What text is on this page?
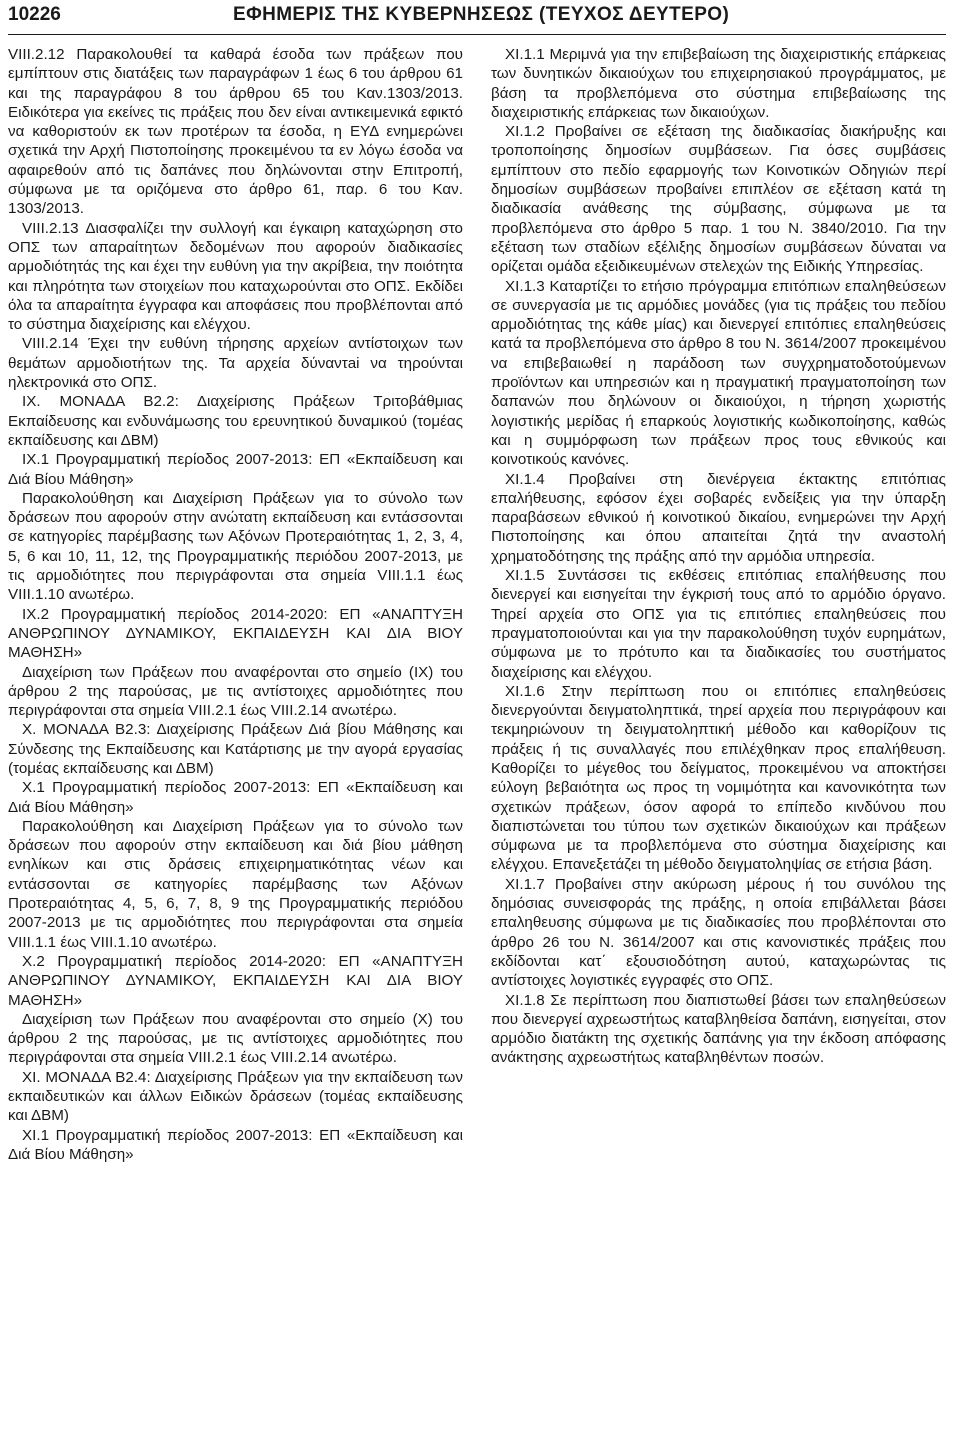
10226	ΕΦΗΜΕΡΙΣ ΤΗΣ ΚΥΒΕΡΝΗΣΕΩΣ (ΤΕΥΧΟΣ ΔΕΥΤΕΡΟ)

VIII.2.12 Παρακολουθεί τα καθαρά έσοδα των πράξεων που εμπίπτουν στις διατάξεις των παραγράφων 1 έως 6 του άρθρου 61 και της παραγράφου 8 του άρθρου 65 του Καν.1303/2013. Ειδικότερα για εκείνες τις πράξεις που δεν είναι αντικειμενικά εφικτό να καθοριστούν εκ των προτέρων τα έσοδα, η ΕΥΔ ενημερώνει σχετικά την Αρχή Πιστοποίησης προκειμένου τα εν λόγω έσοδα να αφαιρεθούν από τις δαπάνες που δηλώνονται στην Επιτροπή, σύμφωνα με τα οριζόμενα στο άρθρο 61, παρ. 6 του Καν. 1303/2013.

VIII.2.13 Διασφαλίζει την συλλογή και έγκαιρη καταχώρηση στο ΟΠΣ των απαραίτητων δεδομένων που αφορούν διαδικασίες αρμοδιότητάς της και έχει την ευθύνη για την ακρίβεια, την ποιότητα και πληρότητα των στοιχείων που καταχωρούνται στο ΟΠΣ. Εκδίδει όλα τα απαραίτητα έγγραφα και αποφάσεις που προβλέπονται από το σύστημα διαχείρισης και ελέγχου.

VIII.2.14 Έχει την ευθύνη τήρησης αρχείων αντίστοιχων των θεμάτων αρμοδιοτήτων της. Τα αρχεία δύναντai να τηρούνται ηλεκτρονικά στο ΟΠΣ.

IX. ΜΟΝΑΔΑ Β2.2: Διαχείρισης Πράξεων Τριτοβάθμιας Εκπαίδευσης και ενδυνάμωσης του ερευνητικού δυναμικού (τομέας εκπαίδευσης και ΔΒΜ)

IX.1 Προγραμματική περίοδος 2007-2013: ΕΠ «Εκπαίδευση και Διά Βίου Μάθηση»

Παρακολούθηση και Διαχείριση Πράξεων για το σύνολο των δράσεων που αφορούν στην ανώτατη εκπαίδευση και εντάσσονται σε κατηγορίες παρέμβασης των Αξόνων Προτεραιότητας 1, 2, 3, 4, 5, 6 και 10, 11, 12, της Προγραμματικής περιόδου 2007-2013, με τις αρμοδιότητες που περιγράφονται στα σημεία VIII.1.1 έως VIII.1.10 ανωτέρω.

IX.2 Προγραμματική περίοδος 2014-2020: ΕΠ «ΑΝΑΠΤΥΞΗ ΑΝΘΡΩΠΙΝΟΥ ΔΥΝΑΜΙΚΟΥ, ΕΚΠΑΙΔΕΥΣΗ ΚΑΙ ΔΙΑ ΒΙΟΥ ΜΑΘΗΣΗ»

Διαχείριση των Πράξεων που αναφέρονται στο σημείο (IX) του άρθρου 2 της παρούσας, με τις αντίστοιχες αρμοδιότητες που περιγράφονται στα σημεία VIII.2.1 έως VIII.2.14 ανωτέρω.

X. ΜΟΝΑΔΑ Β2.3: Διαχείρισης Πράξεων Διά βίου Μάθησης και Σύνδεσης της Εκπαίδευσης και Κατάρτισης με την αγορά εργασίας (τομέας εκπαίδευσης και ΔΒΜ)

X.1 Προγραμματική περίοδος 2007-2013: ΕΠ «Εκπαίδευση και Διά Βίου Μάθηση»

Παρακολούθηση και Διαχείριση Πράξεων για το σύνολο των δράσεων που αφορούν στην εκπαίδευση και διά βίου μάθηση ενηλίκων και στις δράσεις επιχειρηματικότητας νέων και εντάσσονται σε κατηγορίες παρέμβασης των Αξόνων Προτεραιότητας 4, 5, 6, 7, 8, 9 της Προγραμματικής περιόδου 2007-2013 με τις αρμοδιότητες που περιγράφονται στα σημεία VIII.1.1 έως VIII.1.10 ανωτέρω.

X.2 Προγραμματική περίοδος 2014-2020: ΕΠ «ΑΝΑΠΤΥΞΗ ΑΝΘΡΩΠΙΝΟΥ ΔΥΝΑΜΙΚΟΥ, ΕΚΠΑΙΔΕΥΣΗ ΚΑΙ ΔΙΑ ΒΙΟΥ ΜΑΘΗΣΗ»

Διαχείριση των Πράξεων που αναφέρονται στο σημείο (X) του άρθρου 2 της παρούσας, με τις αντίστοιχες αρμοδιότητες που περιγράφονται στα σημεία VIII.2.1 έως VIII.2.14 ανωτέρω.

XI. ΜΟΝΑΔΑ Β2.4: Διαχείρισης Πράξεων για την εκπαίδευση των εκπαιδευτικών και άλλων Ειδικών δράσεων (τομέας εκπαίδευσης και ΔΒΜ)

XI.1 Προγραμματική περίοδος 2007-2013: ΕΠ «Εκπαίδευση και Διά Βίου Μάθηση»

XI.1.1 Μεριμνά για την επιβεβαίωση της διαχειριστικής επάρκειας των δυνητικών δικαιούχων του επιχειρησιακού προγράμματος, με βάση τα προβλεπόμενα στο σύστημα επιβεβαίωσης της διαχειριστικής επάρκειας των δικαιούχων.

XI.1.2 Προβαίνει σε εξέταση της διαδικασίας διακήρυξης και τροποποίησης δημοσίων συμβάσεων. Για όσες συμβάσεις εμπίπτουν στο πεδίο εφαρμογής των Κοινοτικών Οδηγιών περί δημοσίων συμβάσεων προβαίνει επιπλέον σε εξέταση κατά τη διαδικασία ανάθεσης της σύμβασης, σύμφωνα με τα προβλεπόμενα στο άρθρο 5 παρ. 1 του Ν. 3840/2010. Για την εξέταση των σταδίων εξέλιξης δημοσίων συμβάσεων δύναται να ορίζεται ομάδα εξειδικευμένων στελεχών της Ειδικής Υπηρεσίας.

XI.1.3 Καταρτίζει το ετήσιο πρόγραμμα επιτόπιων επαληθεύσεων σε συνεργασία με τις αρμόδιες μονάδες (για τις πράξεις του πεδίου αρμοδιότητας της κάθε μίας) και διενεργεί επιτόπιες επαληθεύσεις κατά τα προβλεπόμενα στο άρθρο 8 του Ν. 3614/2007 προκειμένου να επιβεβαιωθεί η παράδοση των συγχρηματοδοτούμενων προϊόντων και υπηρεσιών και η πραγματική πραγματοποίηση των δαπανών που δηλώνουν οι δικαιούχοι, η τήρηση χωριστής λογιστικής μερίδας ή επαρκούς λογιστικής κωδικοποίησης, καθώς και η συμμόρφωση των πράξεων προς τους εθνικούς και κοινοτικούς κανόνες.

XI.1.4 Προβαίνει στη διενέργεια έκτακτης επιτόπιας επαλήθευσης, εφόσον έχει σοβαρές ενδείξεις για την ύπαρξη παραβάσεων εθνικού ή κοινοτικού δικαίου, ενημερώνει την Αρχή Πιστοποίησης και όπου απαιτείται ζητά την αναστολή χρηματοδότησης της πράξης από την αρμόδια υπηρεσία.

XI.1.5 Συντάσσει τις εκθέσεις επιτόπιας επαλήθευσης που διενεργεί και εισηγείται την έγκρισή τους από το αρμόδιο όργανο. Τηρεί αρχεία στο ΟΠΣ για τις επιτόπιες επαληθεύσεις που πραγματοποιούνται και για την παρακολούθηση τυχόν ευρημάτων, σύμφωνα με το πρότυπο και τα διαδικασίες του συστήματος διαχείρισης και ελέγχου.

XI.1.6 Στην περίπτωση που οι επιτόπιες επαληθεύσεις διενεργούνται δειγματοληπτικά, τηρεί αρχεία που περιγράφουν και τεκμηριώνουν τη δειγματοληπτική μέθοδο και καθορίζουν τις πράξεις ή τις συναλλαγές που επιλέχθηκαν προς επαλήθευση. Καθορίζει το μέγεθος του δείγματος, προκειμένου να αποκτήσει εύλογη βεβαιότητα ως προς τη νομιμότητα και κανονικότητα των σχετικών πράξεων, όσον αφορά το επίπεδο κινδύνου που διαπιστώνεται του τύπου των σχετικών δικαιούχων και πράξεων σύμφωνα με τα προβλεπόμενα στο σύστημα διαχείρισης και ελέγχου. Επανεξετάζει τη μέθοδο δειγματοληψίας σε ετήσια βάση.

XI.1.7 Προβαίνει στην ακύρωση μέρους ή του συνόλου της δημόσιας συνεισφοράς της πράξης, η οποία επιβάλλεται βάσει επαληθευσης σύμφωνα με τις διαδικασίες που προβλέπονται στο άρθρο 26 του Ν. 3614/2007 και στις κανονιστικές πράξεις που εκδίδονται κατ΄ εξουσιοδότηση αυτού, καταχωρώντας τις αντίστοιχες λογιστικές εγγραφές στο ΟΠΣ.

XI.1.8 Σε περίπτωση που διαπιστωθεί βάσει των επαληθεύσεων που διενεργεί αχρεωστήτως καταβληθείσα δαπάνη, εισηγείται, στον αρμόδιο διατάκτη της σχετικής δαπάνης για την έκδοση απόφασης ανάκτησης αχρεωστήτως καταβληθέντων ποσών.
